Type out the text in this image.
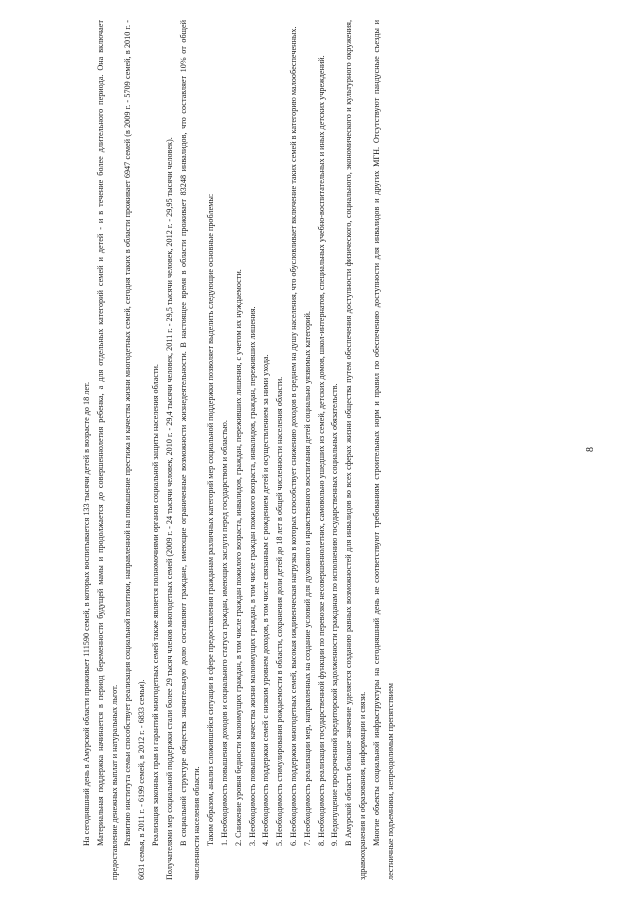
8

На сегодняшний день в Амурской области проживает 111590 семей, в которых воспитывается 133 тысячи детей в возрасте до 18 лет. Материальная поддержка начинается в период беременности будущей мамы и продолжается до совершеннолетия ребенка, а для отдельных категорий семей и детей - и в течение более длительного периода. Она включает предоставление денежных выплат и натуральных льгот. Развитию института семьи способствует реализация социальной политики, направленной на повышение престижа и качества жизни многодетных семей, сегодня таких в области проживает 6947 семей (в 2009 г. - 5709 семей, в 2010 г. - 6031 семья, в 2011 г. - 6199 семей, в 2012 г. - 6833 семьи). Реализация законных прав и гарантий многодетных семей также является полномочиями органов социальной защиты населения области. Получателями мер социальной поддержки стали более 29 тысяч членов многодетных семей (2009 г. - 24 тысячи человек, 2010 г. - 29,4 тысячи человек, 2011 г. - 29,5 тысячи человек, 2012 г. - 29,95 тысячи человек). В социальной структуре общества значительную долю составляют граждане, имеющие ограниченные возможности жизнедеятельности. В настоящее время в области проживает 83248 инвалидов, что составляет 10% от общей численности населения области. Таким образом, анализ сложившейся ситуации в сфере предоставления гражданам различных категорий мер социальной поддержки позволяет выделить следующие основные проблемы: 1. Необходимость повышения доходов и социального статуса граждан, имеющих заслуги перед государством и областью. 2. Снижение уровня бедности малоимущих граждан, в том числе граждан пожилого возраста, инвалидов, граждан, переживших лишения, с учетом их нуждаемости. 3. Необходимость повышения качества жизни малоимущих граждан, в том числе граждан пожилого возраста, инвалидов, граждан, переживших лишения. 4. Необходимость поддержки семей с низким уровнем доходов, в том числе связанным с рождением детей и осуществлением за ними ухода. 5. Необходимость стимулирования рождаемости в области, сохранения доли детей до 18 лет в общей численности населения области. 6. Необходимость поддержки многодетных семей, высокая иждивенческая нагрузка в которых способствует снижению доходов в среднем на душу населения, что обусловливает включение таких семей в категорию малообеспеченных. 7. Необходимость реализации мер, направленных на создание условий для духовного и нравственного воспитания детей социально уязвимых категорий. 8. Необходимость реализации государственной функции по перевозке несовершеннолетних, самовольно ушедших из семей, детских домов, школ-интернатов, специальных учебно-воспитательных и иных детских учреждений. 9. Недопущение просроченной кредиторской задолженности гражданам по исполнению государственных социальных обязательств. В Амурской области большое значение уделяется созданию равных возможностей для инвалидов во всех сферах жизни общества путем обеспечения доступности физического, социального, экономического и культурного окружения, здравоохранения и образования, информации и связи. Многие объекты социальной инфраструктуры на сегодняшний день не соответствуют требованиям строительных норм и правил по обеспечению доступности для инвалидов и других МГН. Отсутствуют пандусные съезды и лестничные подъемники, непреодолимым препятствием
